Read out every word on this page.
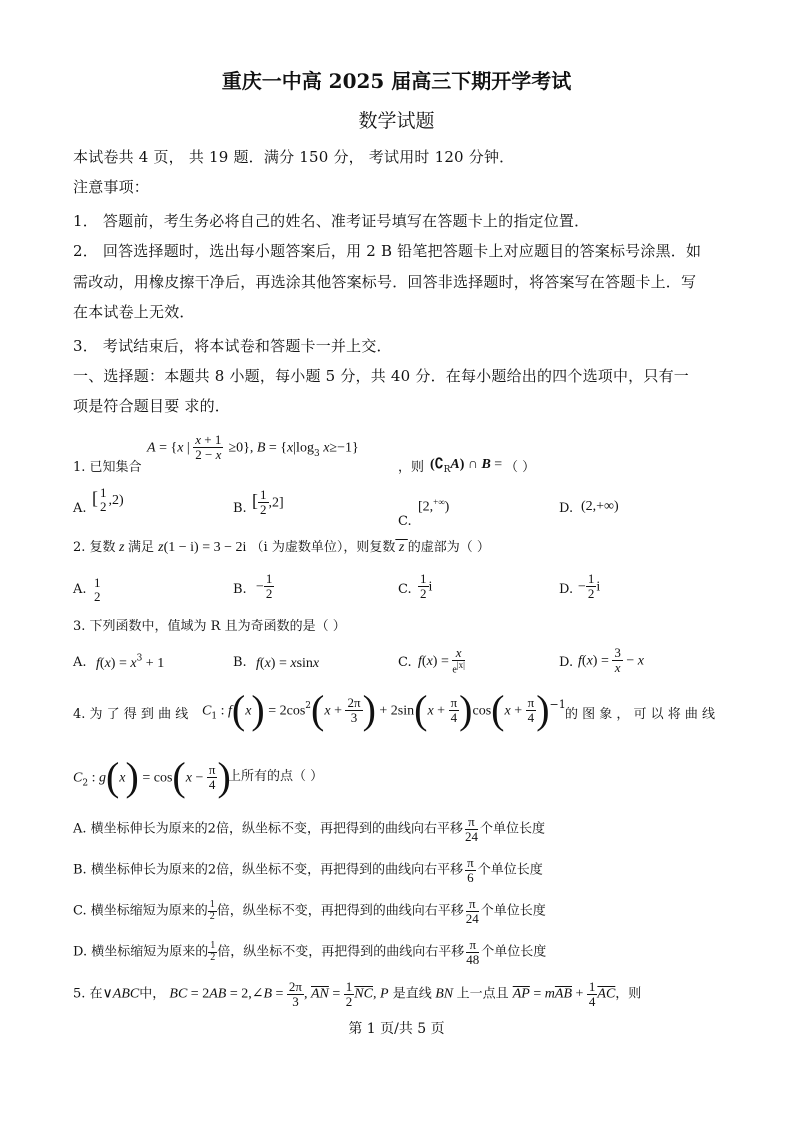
重庆一中高 2025 届高三下期开学考试
数学试题
本试卷共 4 页， 共 19 题．满分 150 分， 考试用时 120 分钟．
注意事项：
1． 答题前，考生务必将自己的姓名、准考证号填写在答题卡上的指定位置．
2． 回答选择题时，选出每小题答案后，用 2 B 铅笔把答题卡上对应题目的答案标号涂黑．如
需改动，用橡皮擦干净后，再选涂其他答案标号．回答非选择题时，将答案写在答题卡上．写
在本试卷上无效．
3． 考试结束后，将本试卷和答题卡一并上交．
一、选择题：本题共 8 小题，每小题 5 分，共 40 分．在每小题给出的四个选项中，只有一
项是符合题目要 求的．
A = {x | $\frac{x + 1}{2 - x} \ge 0$}, $B = \{x|\log_3$ x≥−1}
1. 已知集合	，则 $(∁_RA)$ ∩ B = （ ）
A.
[ 1
2 ,2)
B. [ $\frac{1}{2} ,2$]
C.
[2,+∞)	D. (2,+∞)
2. 复数 z 满足 z(1 − i) = 3 − 2i （i 为虚数单位），则复数 z 的虚部为（ ）
A. 1
2	B. − $\frac{1}{2}$	C. $\frac{1}{2}$ i	D. − $\frac{1}{2}$ i
3. 下列函数中，值域为 R 且为奇函数的是（ ）
A. $f(x) = x^3 + 1$	B. f(x) = xsinx	C. $f(x) = \frac{x}{e^{|x|}}$	D. $f(x) = \frac{3}{x} - x$
4. 为 了 得 到 曲 线 $C_1$ : $f(x) = 2\cos^2(x + \frac{2\pi}{3}$ ) + $2\sin(x + \frac{\pi}{4} )\cos(x + \frac{\pi}{4} )^{-1}$
的 图 象 ， 可 以 将 曲 线
$C_2$ : $g(x) = \cos(x - \frac{\pi}{4}$ )
上所有的点（ ）
A. 横坐标伸长为原来的2倍，纵坐标不变，再把得到的曲线向右平移 $\frac{\pi}{24}$ 个单位长度
B. 横坐标伸长为原来的2倍，纵坐标不变，再把得到的曲线向右平移 $\frac{\pi}{6}$ 个单位长度
C. 横坐标缩短为原来的 $\frac{1}{2}$ 倍，纵坐标不变，再把得到的曲线向右平移 $\frac{\pi}{24}$ 个单位长度
D. 横坐标缩短为原来的 $\frac{1}{2}$ 倍，纵坐标不变，再把得到的曲线向右平移 $\frac{\pi}{48}$ 个单位长度
5. 在∨ABC中， BC = 2AB = 2,∠B = $\frac{2\pi}{3}$ , $\overline{AN} = \frac{1}{2} \overline{NC}$, P 是直线 BN 上一点且 $\overline{AP} = m\overline{AB} + \frac{1}{4} \overline{AC}$，则
第 1 页/共 5 页
